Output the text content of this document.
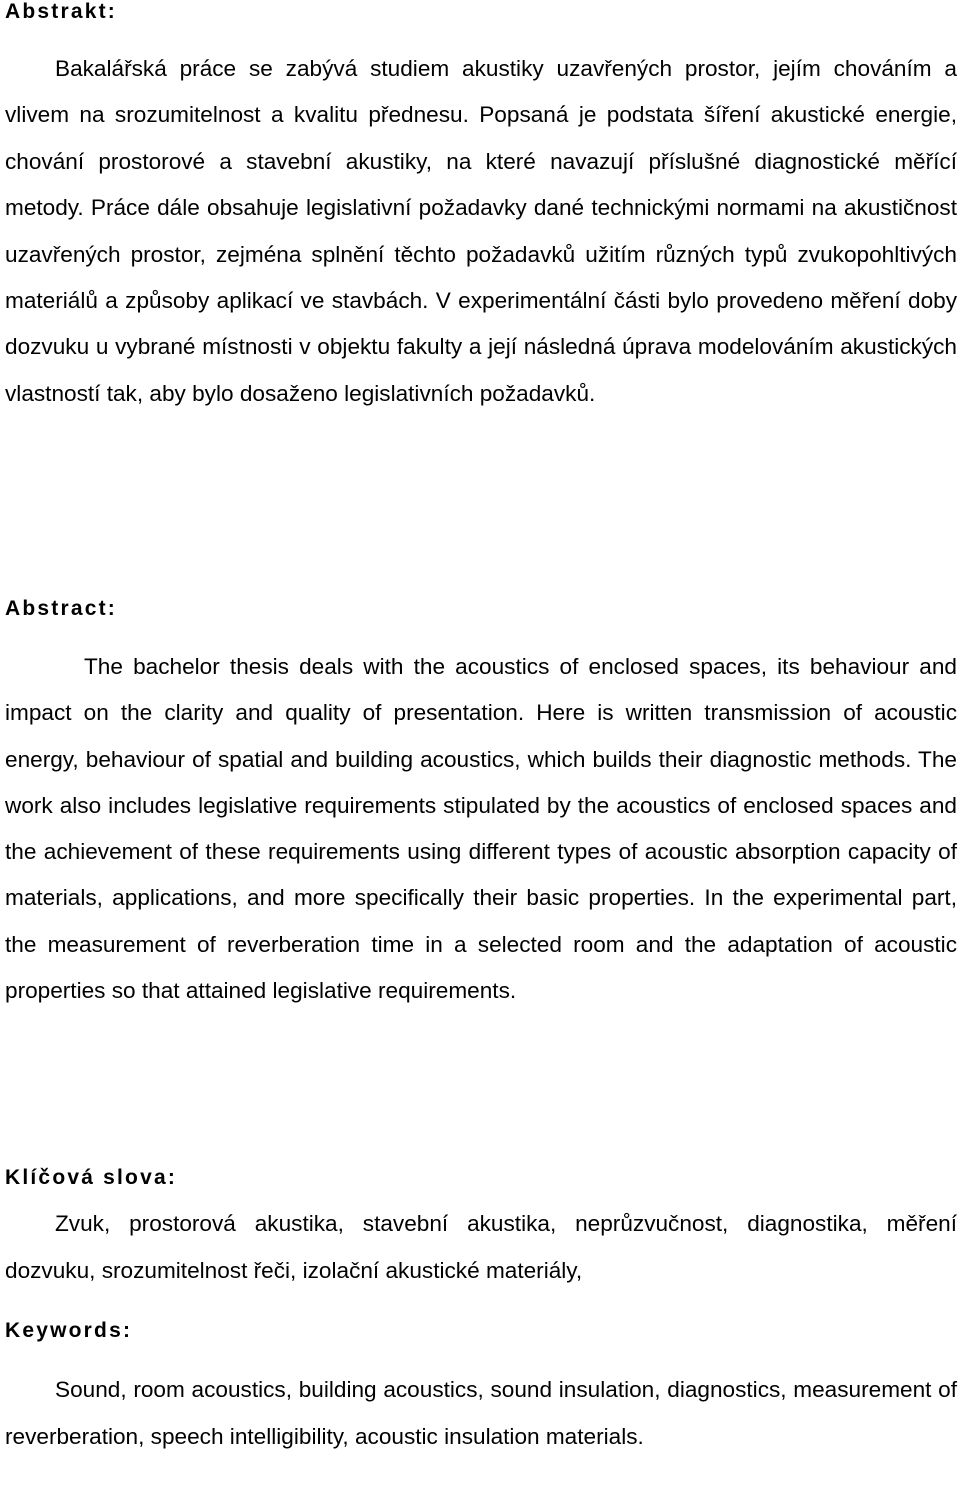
Abstrakt:

Bakalářská práce se zabývá studiem akustiky uzavřených prostor, jejím chováním a vlivem na srozumitelnost a kvalitu přednesu. Popsaná je podstata šíření akustické energie, chování prostorové a stavební akustiky, na které navazují příslušné diagnostické měřící metody. Práce dále obsahuje legislativní požadavky dané technickými normami na akustičnost uzavřených prostor, zejména splnění těchto požadavků užitím různých typů zvukopohltivých materiálů a způsoby aplikací ve stavbách. V experimentální části bylo provedeno měření doby dozvuku u vybrané místnosti v objektu fakulty a její následná úprava modelováním akustických vlastností tak, aby bylo dosaženo legislativních požadavků.

Abstract:

The bachelor thesis deals with the acoustics of enclosed spaces, its behaviour and impact on the clarity and quality of presentation. Here is written transmission of acoustic energy, behaviour of spatial and building acoustics, which builds their diagnostic methods. The work also includes legislative requirements stipulated by the acoustics of enclosed spaces and the achievement of these requirements using different types of acoustic absorption capacity of materials, applications, and more specifically their basic properties. In the experimental part, the measurement of reverberation time in a selected room and the adaptation of acoustic properties so that attained legislative requirements.

Klíčová slova:

Zvuk, prostorová akustika, stavební akustika, neprůzvučnost, diagnostika, měření dozvuku, srozumitelnost řeči, izolační akustické materiály,

Keywords:

Sound, room acoustics, building acoustics, sound insulation, diagnostics, measurement of reverberation, speech intelligibility, acoustic insulation materials.
